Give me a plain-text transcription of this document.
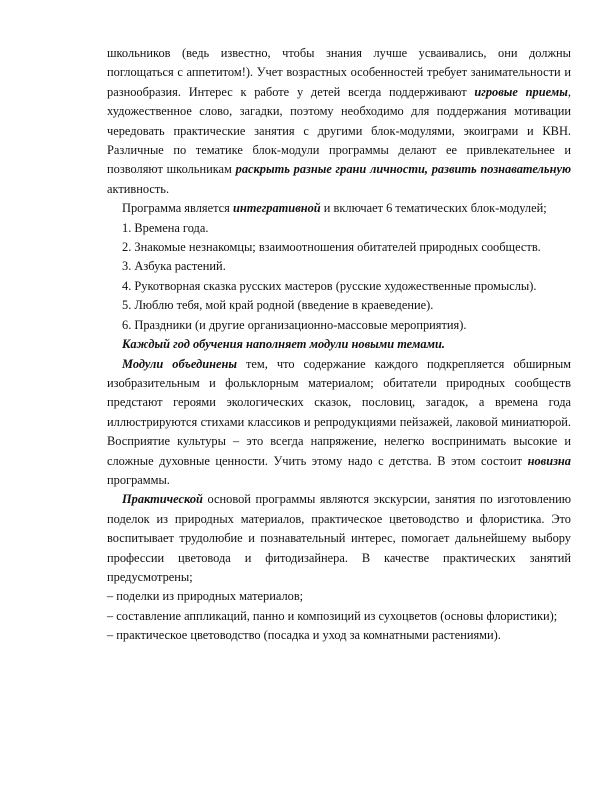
школьников (ведь известно, чтобы знания лучше усваивались, они должны поглощаться с аппетитом!). Учет возрастных особенностей требует занимательности и разнообразия. Интерес к работе у детей всегда поддерживают игровые приемы, художественное слово, загадки, поэтому необходимо для поддержания мотивации чередовать практические занятия с другими блок-модулями, экоиграми и КВН. Различные по тематике блок-модули программы делают ее привлекательнее и позволяют школьникам раскрыть разные грани личности, развить познавательную активность.

Программа является интегративной и включает 6 тематических блок-модулей;

1. Времена года.

2. Знакомые незнакомцы; взаимоотношения обитателей природных сообществ.

3. Азбука растений.

4. Рукотворная сказка русских мастеров (русские художественные промыслы).

5. Люблю тебя, мой край родной (введение в краеведение).

6. Праздники (и другие организационно-массовые мероприятия).

Каждый год обучения наполняет модули новыми темами.

Модули объединены тем, что содержание каждого подкрепляется обширным изобразительным и фольклорным материалом; обитатели природных сообществ предстают героями экологических сказок, пословиц, загадок, а времена года иллюстрируются стихами классиков и репродукциями пейзажей, лаковой миниатюрой. Восприятие культуры – это всегда напряжение, нелегко воспринимать высокие и сложные духовные ценности. Учить этому надо с детства. В этом состоит новизна программы.

Практической основой программы являются экскурсии, занятия по изготовлению поделок из природных материалов, практическое цветоводство и флористика. Это воспитывает трудолюбие и познавательный интерес, помогает дальнейшему выбору профессии цветовода и фитодизайнера. В качестве практических занятий предусмотрены;

– поделки из природных материалов;

– составление аппликаций, панно и композиций из сухоцветов (основы флористики);

– практическое цветоводство (посадка и уход за комнатными растениями).
